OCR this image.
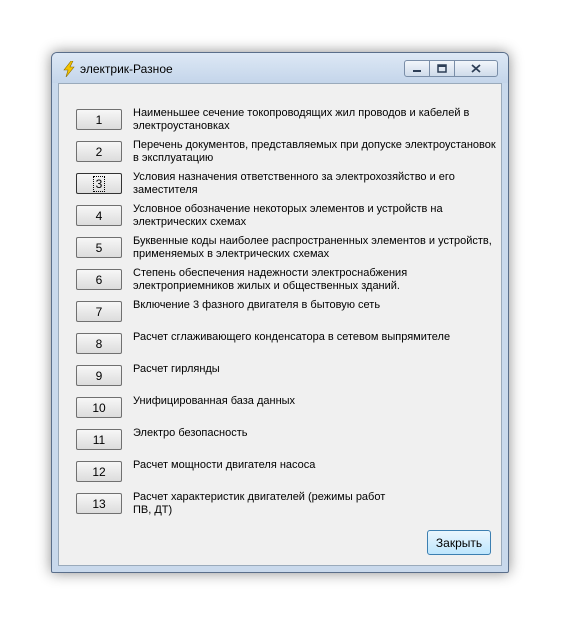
электрик-Разное
1	Наименьшее сечение токопроводящих жил проводов и кабелей в электроустановках
2	Перечень документов, представляемых при допуске электроустановок в эксплуатацию
3	Условия назначения ответственного за электрохозяйство и его заместителя
4	Условное обозначение некоторых элементов и устройств на электрических схемах
5	Буквенные коды наиболее распространенных элементов и устройств, применяемых в электрических схемах
6	Степень обеспечения надежности электроснабжения электроприемников жилых и общественных зданий.
7	Включение 3 фазного двигателя в бытовую сеть
8	Расчет сглаживающего конденсатора в сетевом выпрямителе
9	Расчет гирлянды
10 Унифицированная база данных
11	Электро безопасность
12 Расчет мощности двигателя насоса
13 Расчет характеристик двигателей (режимы работ ПВ, ДТ)
Закрыть
